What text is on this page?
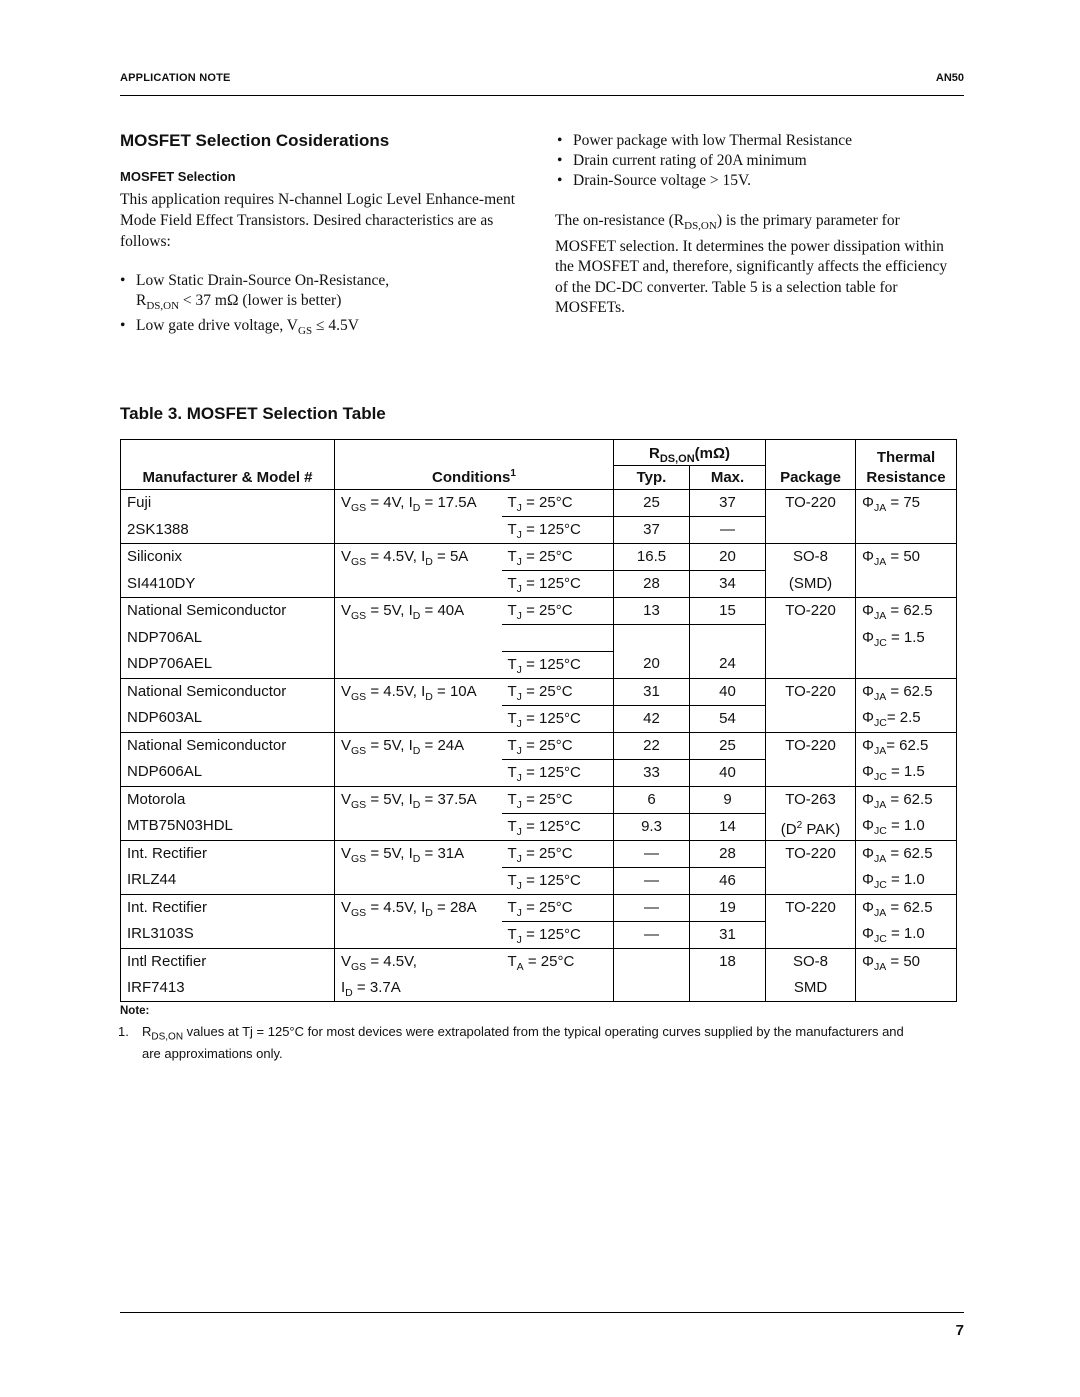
APPLICATION NOTE	AN50
MOSFET Selection Cosiderations
MOSFET Selection
This application requires N-channel Logic Level Enhance-ment Mode Field Effect Transistors. Desired characteristics are as follows:
• Low Static Drain-Source On-Resistance,
$R_{DS,ON} < 37$ mΩ (lower is better)
• Low gate drive voltage, $V_{GS} \le 4.5V$
• Power package with low Thermal Resistance
• Drain current rating of 20A minimum
• Drain-Source voltage > 15V.
The on-resistance $(R_{DS,ON})$ is the primary parameter for MOSFET selection. It determines the power dissipation within the MOSFET and, therefore, significantly affects the efficiency of the DC-DC converter. Table 5 is a selection table for MOSFETs.
Table 3. MOSFET Selection Table
			$R_{DS,ON}(m\Omega)$			Thermal
Manufacturer & Model #	Conditions$^1$		Typ.	Max.	Package	Resistance
Fuji	$V_{GS} = 4V$, $I_D = 17.5A$	$T_J = 25^\circ C$	25	37	TO-220	$\Phi_{JA} = 75$
2SK1388		$T_J = 125^\circ C$	37	—		
Siliconix	$V_{GS} = 4.5V$, $I_D = 5A$	$T_J = 25^\circ C$	16.5	20	SO-8	$\Phi_{JA} = 50$
SI4410DY		$T_J = 125^\circ C$	28	34	(SMD)	
National Semiconductor	$V_{GS} = 5V$, $I_D = 40A$	$T_J = 25^\circ C$	13	15	TO-220	$\Phi_{JA} = 62.5$
NDP706AL						$\Phi_{JC} = 1.5$
NDP706AEL		$T_J = 125^\circ C$	20	24		
National Semiconductor	$V_{GS} = 4.5V$, $I_D = 10A$	$T_J = 25^\circ C$	31	40	TO-220	$\Phi_{JA} = 62.5$
NDP603AL		$T_J = 125^\circ C$	42	54		$\Phi_{JC}= 2.5$
National Semiconductor	$V_{GS} = 5V$, $I_D = 24A$	$T_J = 25^\circ C$	22	25	TO-220	$\Phi_{JA}= 62.5$
NDP606AL		$T_J = 125^\circ C$	33	40		$\Phi_{JC} = 1.5$
Motorola	$V_{GS} = 5V$, $I_D = 37.5A$	$T_J = 25^\circ C$	6	9	TO-263	$\Phi_{JA} = 62.5$
MTB75N03HDL		$T_J = 125^\circ C$	9.3	14	($D^2$ PAK)	$\Phi_{JC} = 1.0$
Int. Rectifier	$V_{GS} = 5V$, $I_D = 31A$	$T_J = 25^\circ C$	—	28	TO-220	$\Phi_{JA} = 62.5$
IRLZ44		$T_J = 125^\circ C$	—	46		$\Phi_{JC} = 1.0$
Int. Rectifier	$V_{GS} = 4.5V$, $I_D = 28A$	$T_J = 25^\circ C$	—	19	TO-220	$\Phi_{JA} = 62.5$
IRL3103S		$T_J = 125^\circ C$	—	31		$\Phi_{JC} = 1.0$
Intl Rectifier	$V_{GS} = 4.5V$,	$T_A = 25^\circ C$		18	SO-8	$\Phi_{JA} = 50$
IRF7413	$I_D = 3.7A$				SMD	
Note:
1. $R_{DS,ON}$ values at Tj = 125°C for most devices were extrapolated from the typical operating curves supplied by the manufacturers and are approximations only.
7
